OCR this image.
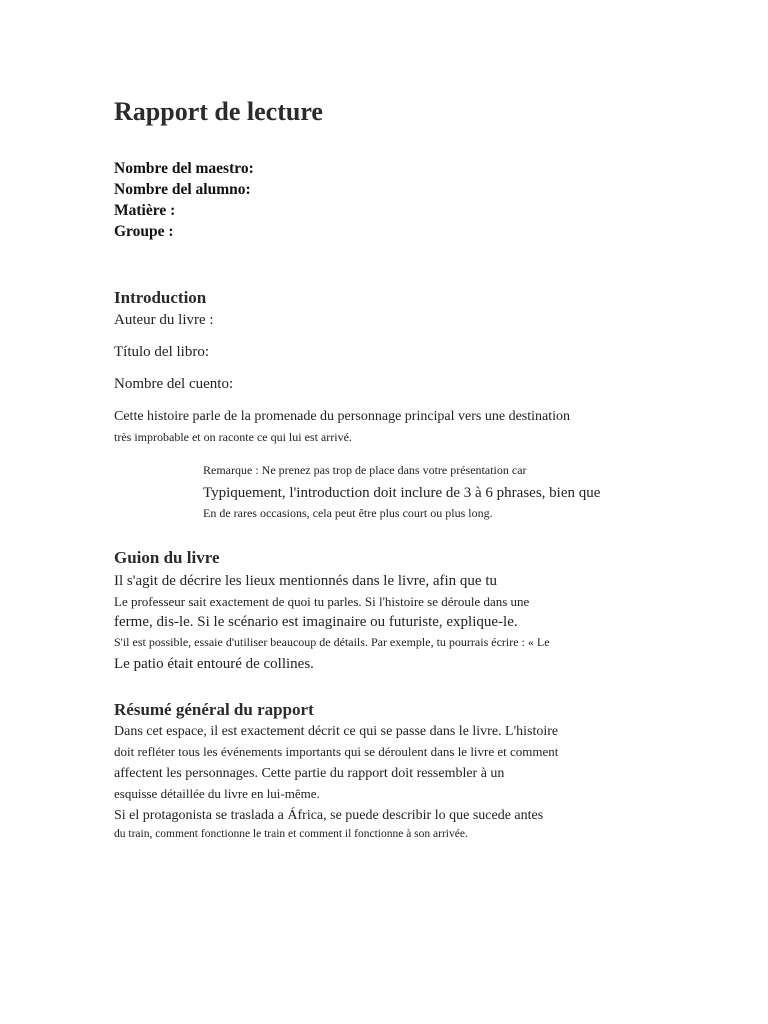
Rapport de lecture
Nombre del maestro:
Nombre del alumno:
Matière :
Groupe :
Introduction
Auteur du livre :
Título del libro:
Nombre del cuento:
Cette histoire parle de la promenade du personnage principal vers une destination
très improbable et on raconte ce qui lui est arrivé.
Remarque : Ne prenez pas trop de place dans votre présentation car
Typiquement, l'introduction doit inclure de 3 à 6 phrases, bien que
En de rares occasions, cela peut être plus court ou plus long.
Guion du livre
Il s'agit de décrire les lieux mentionnés dans le livre, afin que tu
Le professeur sait exactement de quoi tu parles. Si l'histoire se déroule dans une
ferme, dis-le. Si le scénario est imaginaire ou futuriste, explique-le.
S'il est possible, essaie d'utiliser beaucoup de détails. Par exemple, tu pourrais écrire : « Le
Le patio était entouré de collines.
Résumé général du rapport
Dans cet espace, il est exactement décrit ce qui se passe dans le livre. L'histoire
doit refléter tous les événements importants qui se déroulent dans le livre et comment
affectent les personnages. Cette partie du rapport doit ressembler à un
esquisse détaillée du livre en lui-même.
Si el protagonista se traslada a África, se puede describir lo que sucede antes
du train, comment fonctionne le train et comment il fonctionne à son arrivée.
